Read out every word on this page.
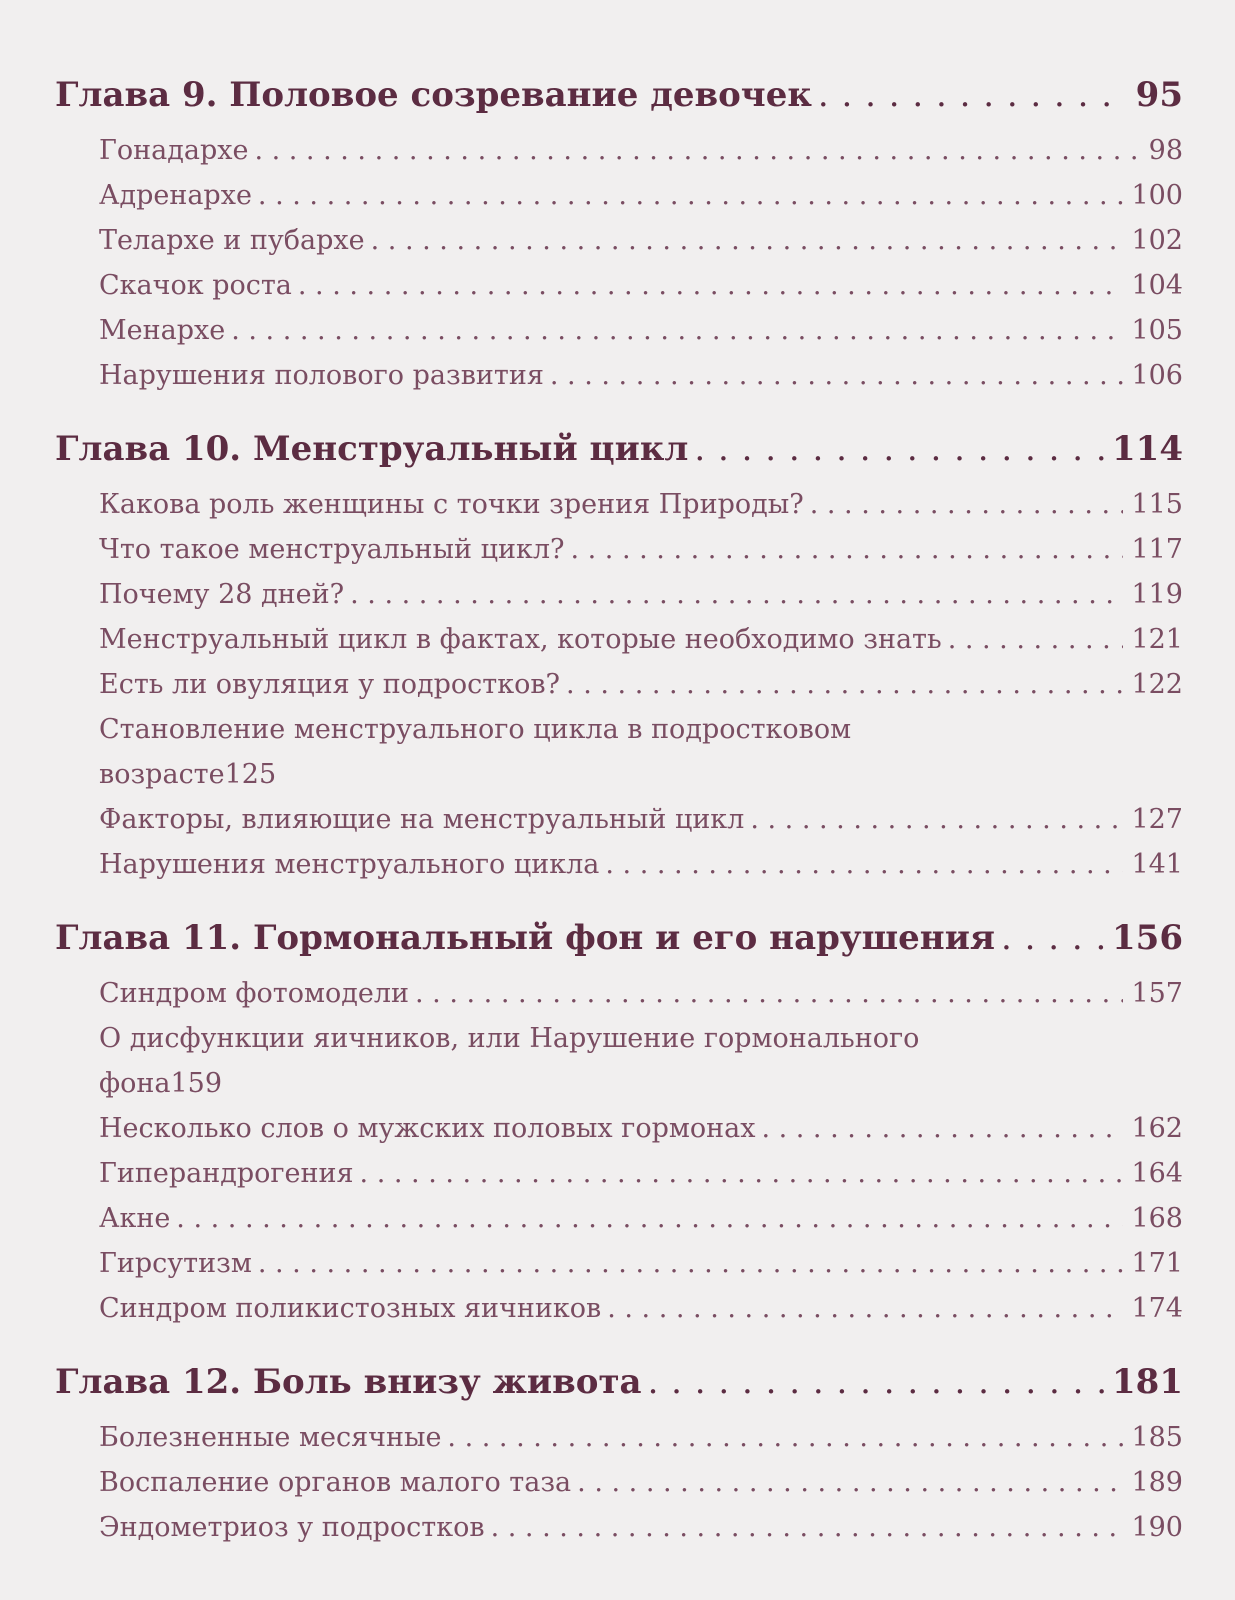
Глава 9. Половое созревание девочек . . .	95
Гонадархе . . .	98
Адренархе . . .	100
Телархе и пубархе . . .	102
Скачок роста . . .	104
Менархе . . .	105
Нарушения полового развития . . .	106
Глава 10. Менструальный цикл . . .	114
Какова роль женщины с точки зрения Природы? . . .	115
Что такое менструальный цикл? . . .	117
Почему 28 дней? . . .	119
Менструальный цикл в фактах, которые необходимо знать . . .	121
Есть ли овуляция у подростков? . . .	122
Становление менструального цикла в подростковом
возрасте 125
Факторы, влияющие на менструальный цикл . . .	127
Нарушения менструального цикла . . .	141
Глава 11. Гормональный фон и его нарушения . . .	156
Синдром фотомодели . . .	157
О дисфункции яичников, или Нарушение гормонального
фона 159
Несколько слов о мужских половых гормонах . . .	162
Гиперандрогения . . .	164
Акне . . .	168
Гирсутизм . . .	171
Синдром поликистозных яичников . . .	174
Глава 12. Боль внизу живота . . .	181
Болезненные месячные . . .	185
Воспаление органов малого таза . . .	189
Эндометриоз у подростков . . .	190
